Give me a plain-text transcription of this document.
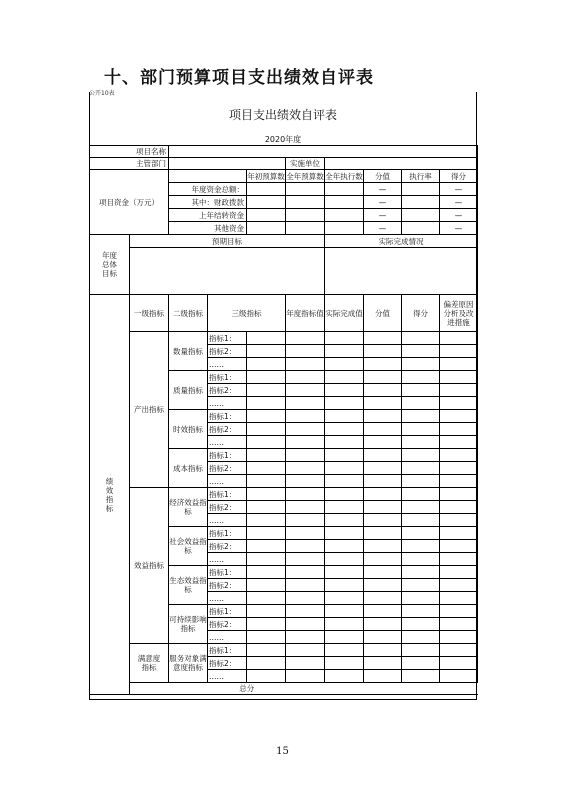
十、部门预算项目支出绩效自评表
公开10表
项目支出绩效自评表
2020年度
项目名称									
主管部门					实施单位				
项目资金（万元）				年初预算数	全年预算数	全年执行数	分值	执行率	得分
		年度资金总额：					—		—
		其中：财政拨款					—		—
		上年结转资金					—		—
		其他资金					—		—
年度总体目标	预期目标					实际完成情况			

绩效指标	一级指标	二级指标	三级指标		年度指标值	实际完成值	分值	得分	偏差原因分析及改进措施
	产出指标	数量指标	指标1：						
			指标2：						
			……						
		质量指标	指标1：						
			指标2：						
			……						
		时效指标	指标1：						
			指标2：						
			……						
		成本指标	指标1：						
			指标2：						
			……						
	效益指标	经济效益指标	指标1：						
			指标2：						
			……						
		社会效益指标	指标1：						
			指标2：						
			……						
		生态效益指标	指标1：						
			指标2：						
			……						
		可持续影响指标	指标1：						
			指标2：						
			……						
	满意度指标	服务对象满意度指标	指标1：						
			指标2：						
			……						
	总分								
15
